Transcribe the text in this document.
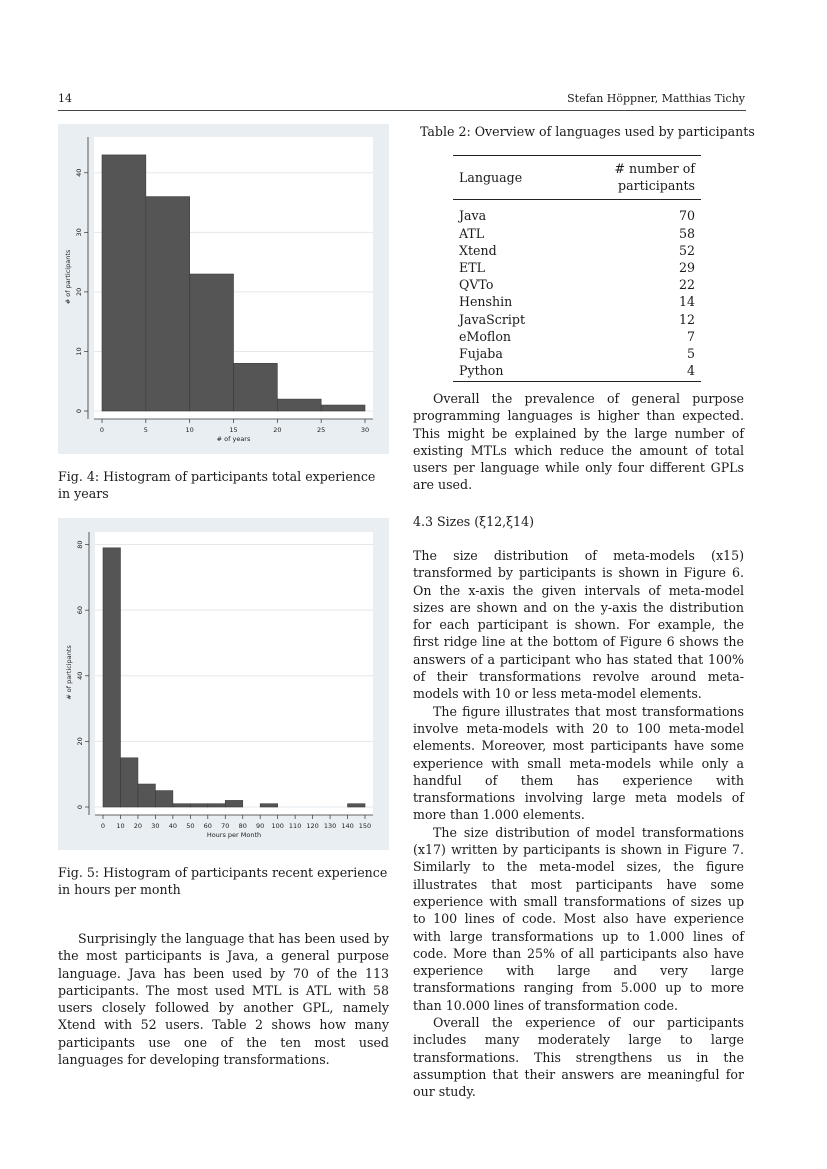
14	Stefan Höppner, Matthias Tichy
0	5	10	15	20	25	30
0
10
20
30
40
# of years
# of participants
Fig. 4: Histogram of participants total experience in years
0 10 20 30 40 50 60 70 80 90 100 110 120 130 140 150
0
20
40
60
80
Hours per Month
# of participants
Fig. 5: Histogram of participants recent experience in hours per month

Surprisingly the language that has been used by the most participants is Java, a general purpose language. Java has been used by 70 of the 113 participants. The most used MTL is ATL with 58 users closely followed by another GPL, namely Xtend with 52 users. Table 2 shows how many participants use one of the ten most used languages for developing transformations.

Table 2: Overview of languages used by participants
Language	# number of participants
Java	70
ATL	58
Xtend	52
ETL	29
QVTo	22
Henshin	14
JavaScript	12
eMoflon	7
Fujaba	5
Python	4

Overall the prevalence of general purpose programming languages is higher than expected. This might be explained by the large number of existing MTLs which reduce the amount of total users per language while only four different GPLs are used.

4.3 Sizes (ξ12,ξ14)

The size distribution of meta-models (x15) transformed by participants is shown in Figure 6. On the x-axis the given intervals of meta-model sizes are shown and on the y-axis the distribution for each participant is shown. For example, the first ridge line at the bottom of Figure 6 shows the answers of a participant who has stated that 100% of their transformations revolve around meta-models with 10 or less meta-model elements.

The figure illustrates that most transformations involve meta-models with 20 to 100 meta-model elements. Moreover, most participants have some experience with small meta-models while only a handful of them has experience with transformations involving large meta models of more than 1.000 elements.

The size distribution of model transformations (x17) written by participants is shown in Figure 7. Similarly to the meta-model sizes, the figure illustrates that most participants have some experience with small transformations of sizes up to 100 lines of code. Most also have experience with large transformations up to 1.000 lines of code. More than 25% of all participants also have experience with large and very large transformations ranging from 5.000 up to more than 10.000 lines of transformation code.

Overall the experience of our participants includes many moderately large to large transformations. This strengthens us in the assumption that their answers are meaningful for our study.
